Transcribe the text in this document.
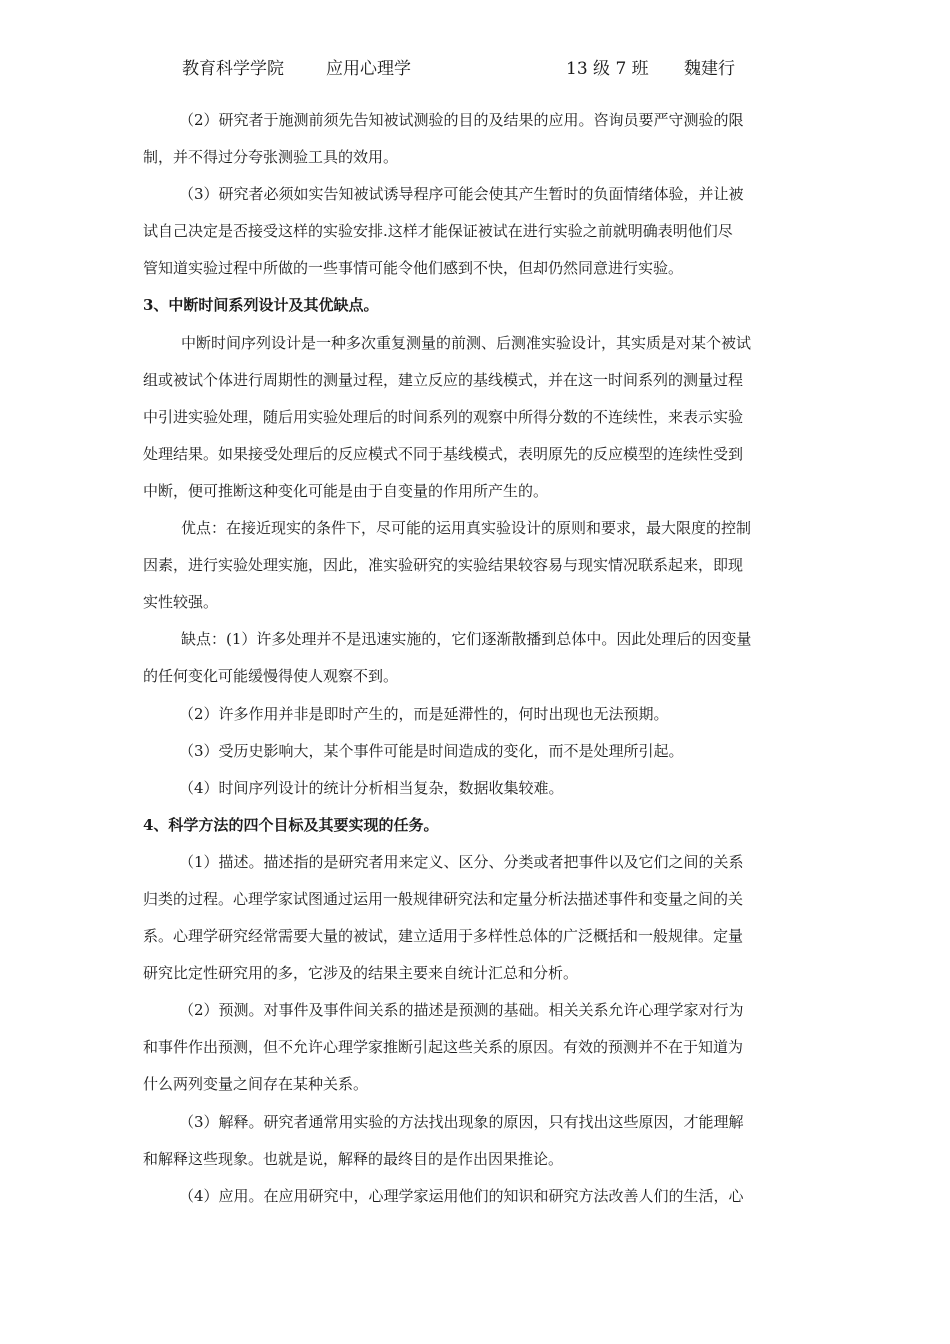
教育科学学院 应用心理学	13 级 7 班 魏建行
（2）研究者于施测前须先告知被试测验的目的及结果的应用。咨询员要严守测验的限
制，并不得过分夸张测验工具的效用。
（3）研究者必须如实告知被试诱导程序可能会使其产生暂时的负面情绪体验，并让被
试自己决定是否接受这样的实验安排.这样才能保证被试在进行实验之前就明确表明他们尽
管知道实验过程中所做的一些事情可能令他们感到不快，但却仍然同意进行实验。
3、中断时间系列设计及其优缺点。
中断时间序列设计是一种多次重复测量的前测、后测准实验设计，其实质是对某个被试
组或被试个体进行周期性的测量过程，建立反应的基线模式，并在这一时间系列的测量过程
中引进实验处理，随后用实验处理后的时间系列的观察中所得分数的不连续性，来表示实验
处理结果。如果接受处理后的反应模式不同于基线模式，表明原先的反应模型的连续性受到
中断，便可推断这种变化可能是由于自变量的作用所产生的。
优点：在接近现实的条件下，尽可能的运用真实验设计的原则和要求，最大限度的控制
因素，进行实验处理实施，因此，准实验研究的实验结果较容易与现实情况联系起来，即现
实性较强。
缺点：(1）许多处理并不是迅速实施的，它们逐渐散播到总体中。因此处理后的因变量
的任何变化可能缓慢得使人观察不到。
（2）许多作用并非是即时产生的，而是延滞性的，何时出现也无法预期。
（3）受历史影响大，某个事件可能是时间造成的变化，而不是处理所引起。
（4）时间序列设计的统计分析相当复杂，数据收集较难。
4、科学方法的四个目标及其要实现的任务。
（1）描述。描述指的是研究者用来定义、区分、分类或者把事件以及它们之间的关系
归类的过程。心理学家试图通过运用一般规律研究法和定量分析法描述事件和变量之间的关
系。心理学研究经常需要大量的被试，建立适用于多样性总体的广泛概括和一般规律。定量
研究比定性研究用的多，它涉及的结果主要来自统计汇总和分析。
（2）预测。对事件及事件间关系的描述是预测的基础。相关关系允许心理学家对行为
和事件作出预测，但不允许心理学家推断引起这些关系的原因。有效的预测并不在于知道为
什么两列变量之间存在某种关系。
（3）解释。研究者通常用实验的方法找出现象的原因，只有找出这些原因，才能理解
和解释这些现象。也就是说，解释的最终目的是作出因果推论。
（4）应用。在应用研究中，心理学家运用他们的知识和研究方法改善人们的生活，心
